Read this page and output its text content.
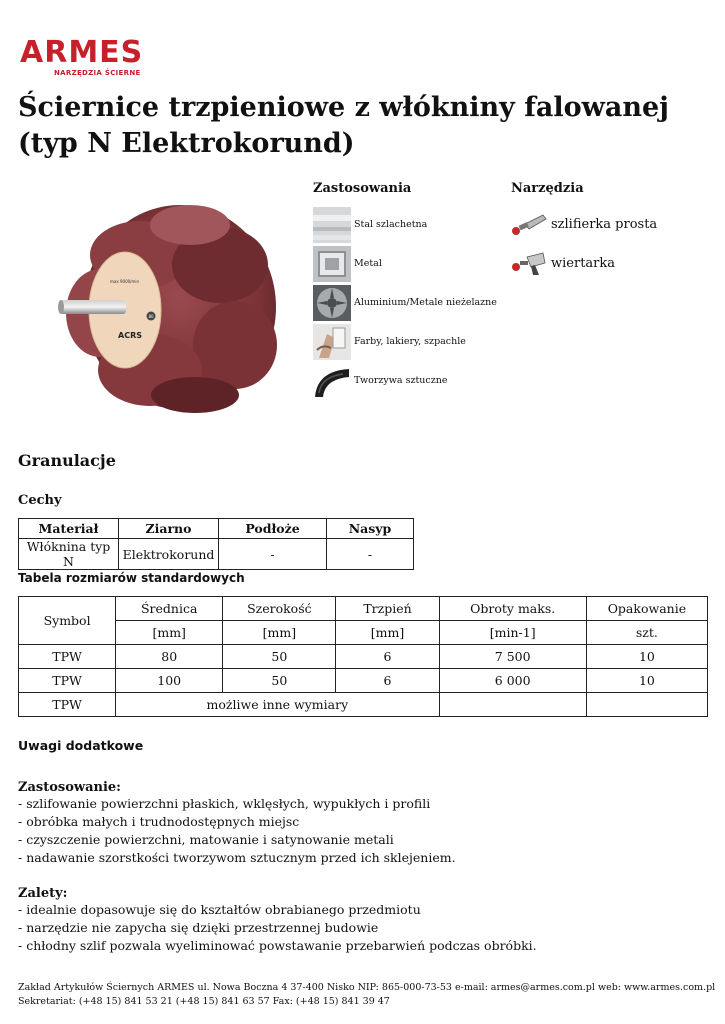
ARMES
NARZĘDZIA ŚCIERNE
Ściernice trzpieniowe z włókniny falowanej (typ N Elektrokorund)
ACRS
max 9000/min
80
Zastosowania
Stal szlachetna
Metal
Aluminium/Metale nieżelazne
Farby, lakiery, szpachle
Tworzywa sztuczne
Narzędzia
szlifierka prosta
wiertarka
Granulacje
Cechy
Materiał	Ziarno	Podłoże	Nasyp
Włóknina typ N	Elektrokorund	-	-
Tabela rozmiarów standardowych
Symbol	Średnica	Szerokość	Trzpień	Obroty maks.	Opakowanie
	[mm]	[mm]	[mm]	[min-1]	szt.
TPW	80	50	6	7 500	10
TPW	100	50	6	6 000	10
TPW	możliwe inne wymiary				
Uwagi dodatkowe
Zastosowanie:
- szlifowanie powierzchni płaskich, wklęsłych, wypukłych i profili
- obróbka małych i trudnodostępnych miejsc
- czyszczenie powierzchni, matowanie i satynowanie metali
- nadawanie szorstkości tworzywom sztucznym przed ich sklejeniem.
Zalety:
- idealnie dopasowuje się do kształtów obrabianego przedmiotu
- narzędzie nie zapycha się dzięki przestrzennej budowie
- chłodny szlif pozwala wyeliminować powstawanie przebarwień podczas obróbki.
Zakład Artykułów Ściernych ARMES ul. Nowa Boczna 4 37-400 Nisko NIP: 865-000-73-53 e-mail: armes@armes.com.pl web: www.armes.com.pl
Sekretariat: (+48 15) 841 53 21 (+48 15) 841 63 57 Fax: (+48 15) 841 39 47
